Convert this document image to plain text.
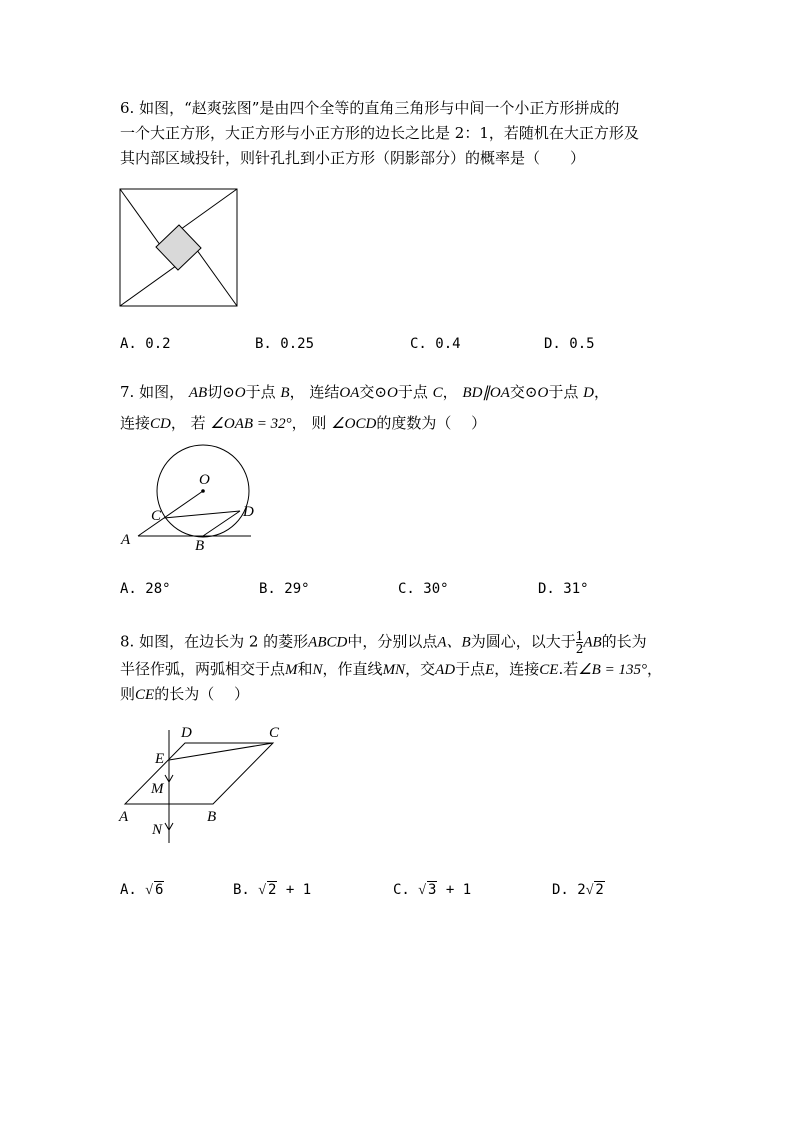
6. 如图，“赵爽弦图”是由四个全等的直角三角形与中间一个小正方形拼成的
一个大正方形，大正方形与小正方形的边长之比是 2：1，若随机在大正方形及
其内部区域投针，则针孔扎到小正方形（阴影部分）的概率是（　　）
A. 0.2	B. 0.25	C. 0.4	D. 0.5
7. 如图， AB切⊙O于点 B， 连结OA交⊙O于点 C， BD∥OA交⊙O于点 D，
连接CD， 若 ∠OAB = 32°， 则 ∠OCD的度数为（　 ）
O
C	D
A	B
A. 28°	B. 29°	C. 30°	D. 31°
8. 如图，在边长为 2 的菱形ABCD中，分别以点A、B为圆心，以大于 $\frac{1}{2}$ AB的长为
半径作弧，两弧相交于点M和N，作直线MN，交AD于点E，连接CE.若∠B = 135°，
则CE的长为（　 ）
D	C
E
M
A	B
N
A. √ 6	B. √ 2 + 1	C. √ 3 + 1	D. 2√ 2
